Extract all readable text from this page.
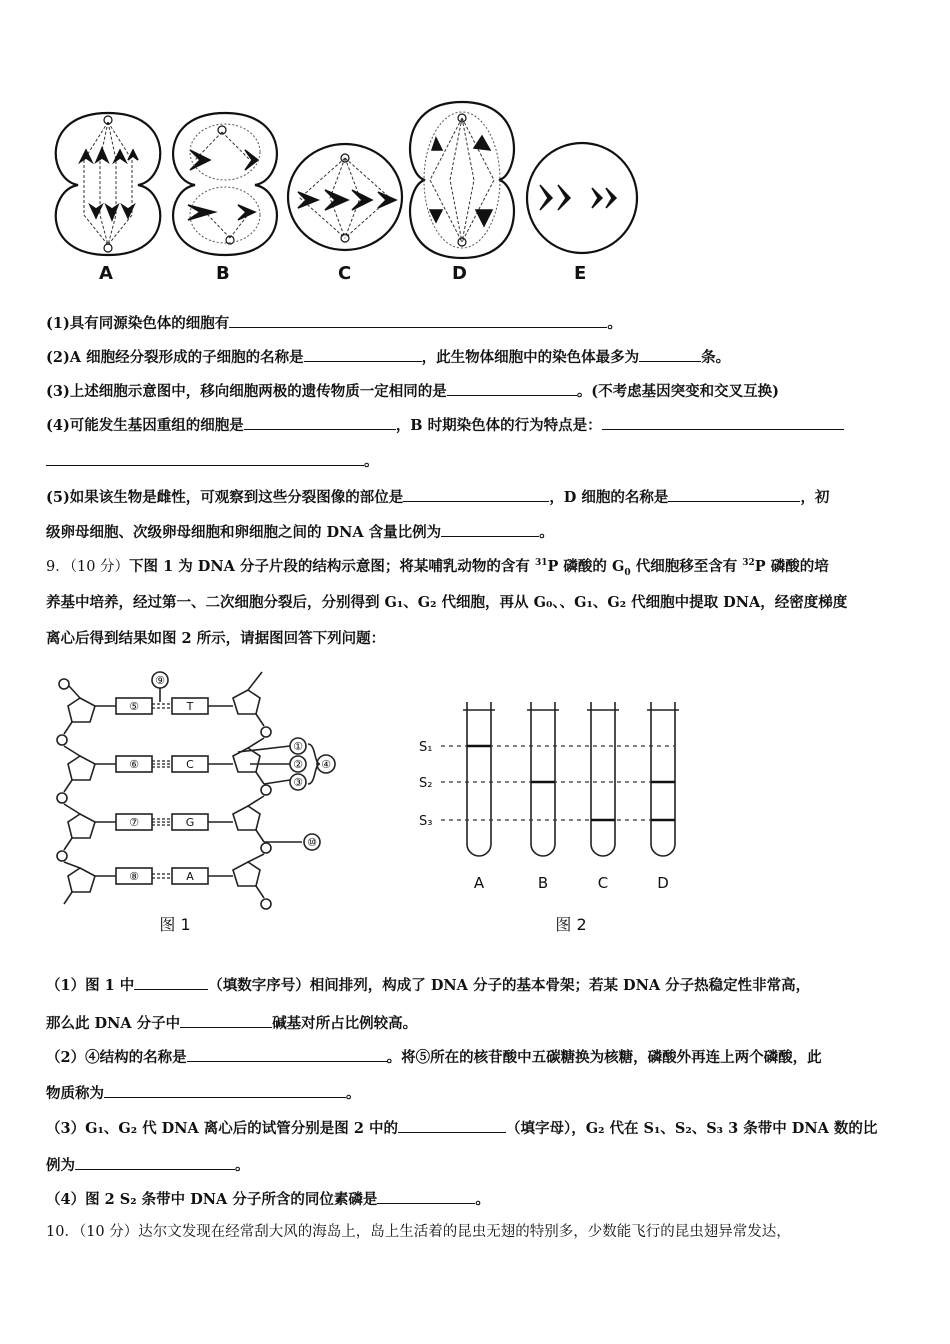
A	B	C	D	E
(1)具有同源染色体的细胞有	。
(2)A 细胞经分裂形成的子细胞的名称是	，此生物体细胞中的染色体最多为	条。
(3)上述细胞示意图中，移向细胞两极的遗传物质一定相同的是	。(不考虑基因突变和交叉互换)
(4)可能发生基因重组的细胞是	，B 时期染色体的行为特点是：
。
(5)如果该生物是雌性，可观察到这些分裂图像的部位是	，D 细胞的名称是	，初
级卵母细胞、次级卵母细胞和卵细胞之间的 DNA 含量比例为	。
9．（10 分）下图 1 为 DNA 分子片段的结构示意图；将某哺乳动物的含有 $^{31}$P 磷酸的 $G_0$ 代细胞移至含有 $^{32}$P 磷酸的培
养基中培养，经过第一、二次细胞分裂后，分别得到 G₁、G₂ 代细胞，再从 G₀、、G₁、G₂ 代细胞中提取 DNA，经密度梯度
离心后得到结果如图 2 所示，请据图回答下列问题：
⑤	T
⑥	C
⑦	G
⑧	A
⑨
①
②
③
④
⑩
图 1
S₁
S₂
S₃
A	B	C	D
图 2
（1）图 1 中	（填数字序号）相间排列，构成了 DNA 分子的基本骨架；若某 DNA 分子热稳定性非常高，
那么此 DNA 分子中	碱基对所占比例较高。
（2）④结构的名称是	。将⑤所在的核苷酸中五碳糖换为核糖，磷酸外再连上两个磷酸，此
物质称为	。
（3）G₁、G₂ 代 DNA 离心后的试管分别是图 2 中的	（填字母），G₂ 代在 S₁、S₂、S₃ 3 条带中 DNA 数的比
例为	。
（4）图 2 S₂ 条带中 DNA 分子所含的同位素磷是	。
10．（10 分）达尔文发现在经常刮大风的海岛上，岛上生活着的昆虫无翅的特别多，少数能飞行的昆虫翅异常发达，
